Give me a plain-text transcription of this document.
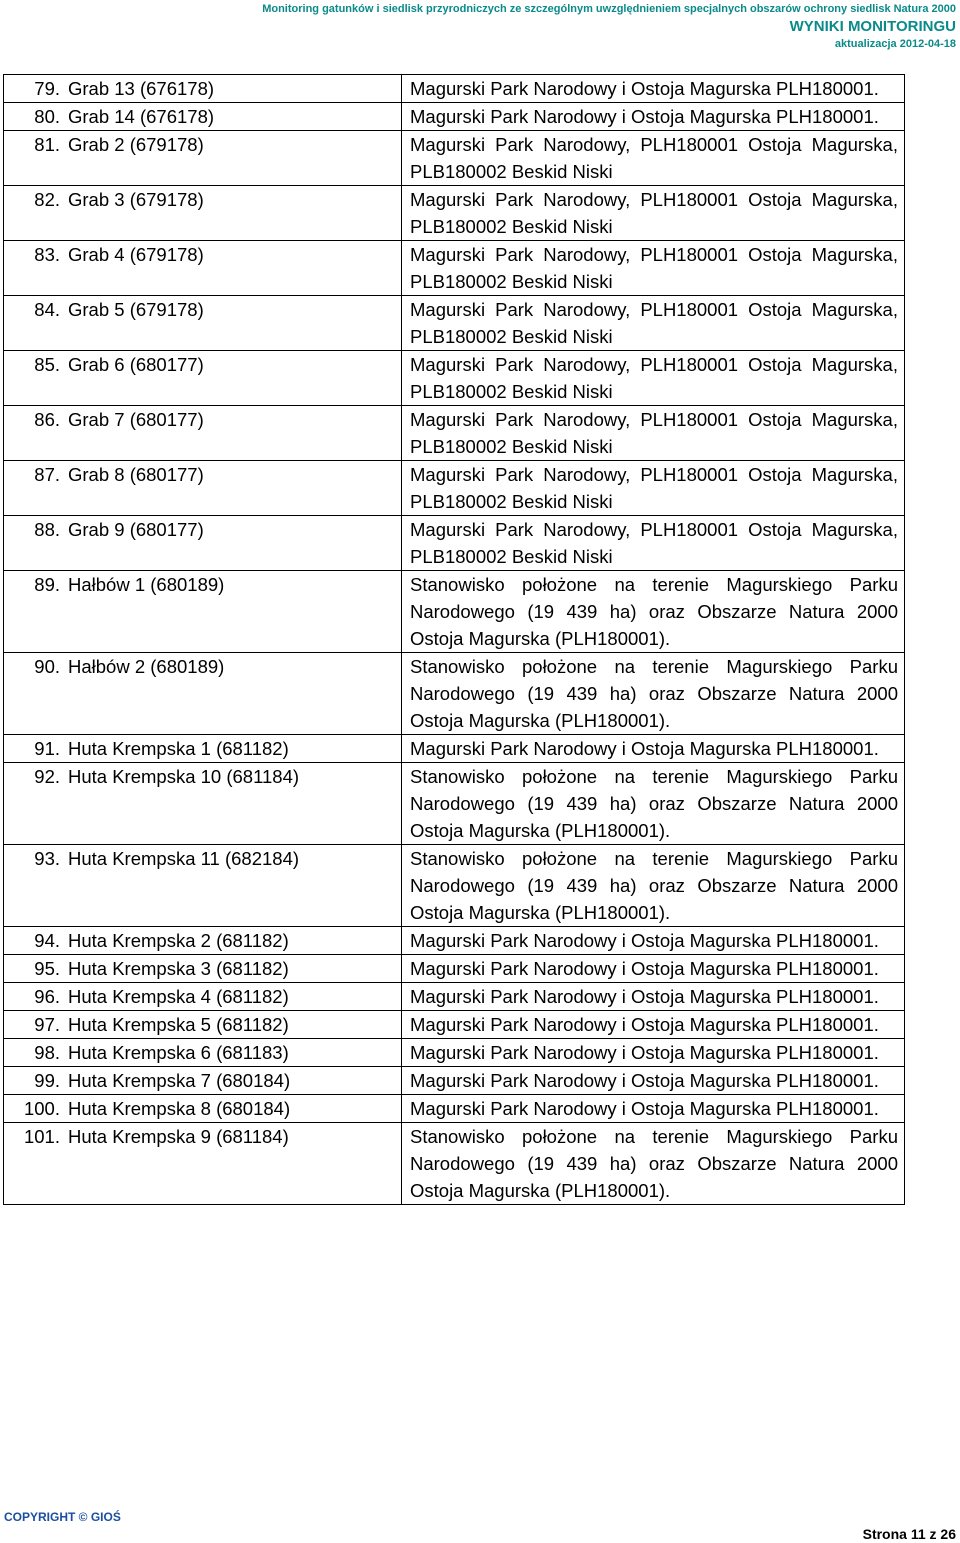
Monitoring gatunków i siedlisk przyrodniczych ze szczególnym uwzględnieniem specjalnych obszarów ochrony siedlisk Natura 2000
WYNIKI MONITORINGU
aktualizacja 2012-04-18
79. Grab 13 (676178)	Magurski Park Narodowy i Ostoja Magurska PLH180001.
80. Grab 14 (676178)	Magurski Park Narodowy i Ostoja Magurska PLH180001.
81. Grab 2 (679178)	Magurski Park Narodowy, PLH180001 Ostoja Magurska, PLB180002 Beskid Niski
82. Grab 3 (679178)	Magurski Park Narodowy, PLH180001 Ostoja Magurska, PLB180002 Beskid Niski
83. Grab 4 (679178)	Magurski Park Narodowy, PLH180001 Ostoja Magurska, PLB180002 Beskid Niski
84. Grab 5 (679178)	Magurski Park Narodowy, PLH180001 Ostoja Magurska, PLB180002 Beskid Niski
85. Grab 6 (680177)	Magurski Park Narodowy, PLH180001 Ostoja Magurska, PLB180002 Beskid Niski
86. Grab 7 (680177)	Magurski Park Narodowy, PLH180001 Ostoja Magurska, PLB180002 Beskid Niski
87. Grab 8 (680177)	Magurski Park Narodowy, PLH180001 Ostoja Magurska, PLB180002 Beskid Niski
88. Grab 9 (680177)	Magurski Park Narodowy, PLH180001 Ostoja Magurska, PLB180002 Beskid Niski
89. Hałbów 1 (680189)	Stanowisko położone na terenie Magurskiego Parku Narodowego (19 439 ha) oraz Obszarze Natura 2000 Ostoja Magurska (PLH180001).
90. Hałbów 2 (680189)	Stanowisko położone na terenie Magurskiego Parku Narodowego (19 439 ha) oraz Obszarze Natura 2000 Ostoja Magurska (PLH180001).
91. Huta Krempska 1 (681182)	Magurski Park Narodowy i Ostoja Magurska PLH180001.
92. Huta Krempska 10 (681184)	Stanowisko położone na terenie Magurskiego Parku Narodowego (19 439 ha) oraz Obszarze Natura 2000 Ostoja Magurska (PLH180001).
93. Huta Krempska 11 (682184)	Stanowisko położone na terenie Magurskiego Parku Narodowego (19 439 ha) oraz Obszarze Natura 2000 Ostoja Magurska (PLH180001).
94. Huta Krempska 2 (681182)	Magurski Park Narodowy i Ostoja Magurska PLH180001.
95. Huta Krempska 3 (681182)	Magurski Park Narodowy i Ostoja Magurska PLH180001.
96. Huta Krempska 4 (681182)	Magurski Park Narodowy i Ostoja Magurska PLH180001.
97. Huta Krempska 5 (681182)	Magurski Park Narodowy i Ostoja Magurska PLH180001.
98. Huta Krempska 6 (681183)	Magurski Park Narodowy i Ostoja Magurska PLH180001.
99. Huta Krempska 7 (680184)	Magurski Park Narodowy i Ostoja Magurska PLH180001.
100. Huta Krempska 8 (680184)	Magurski Park Narodowy i Ostoja Magurska PLH180001.
101. Huta Krempska 9 (681184)	Stanowisko położone na terenie Magurskiego Parku Narodowego (19 439 ha) oraz Obszarze Natura 2000 Ostoja Magurska (PLH180001).
COPYRIGHT © GIOŚ
Strona 11 z 26
